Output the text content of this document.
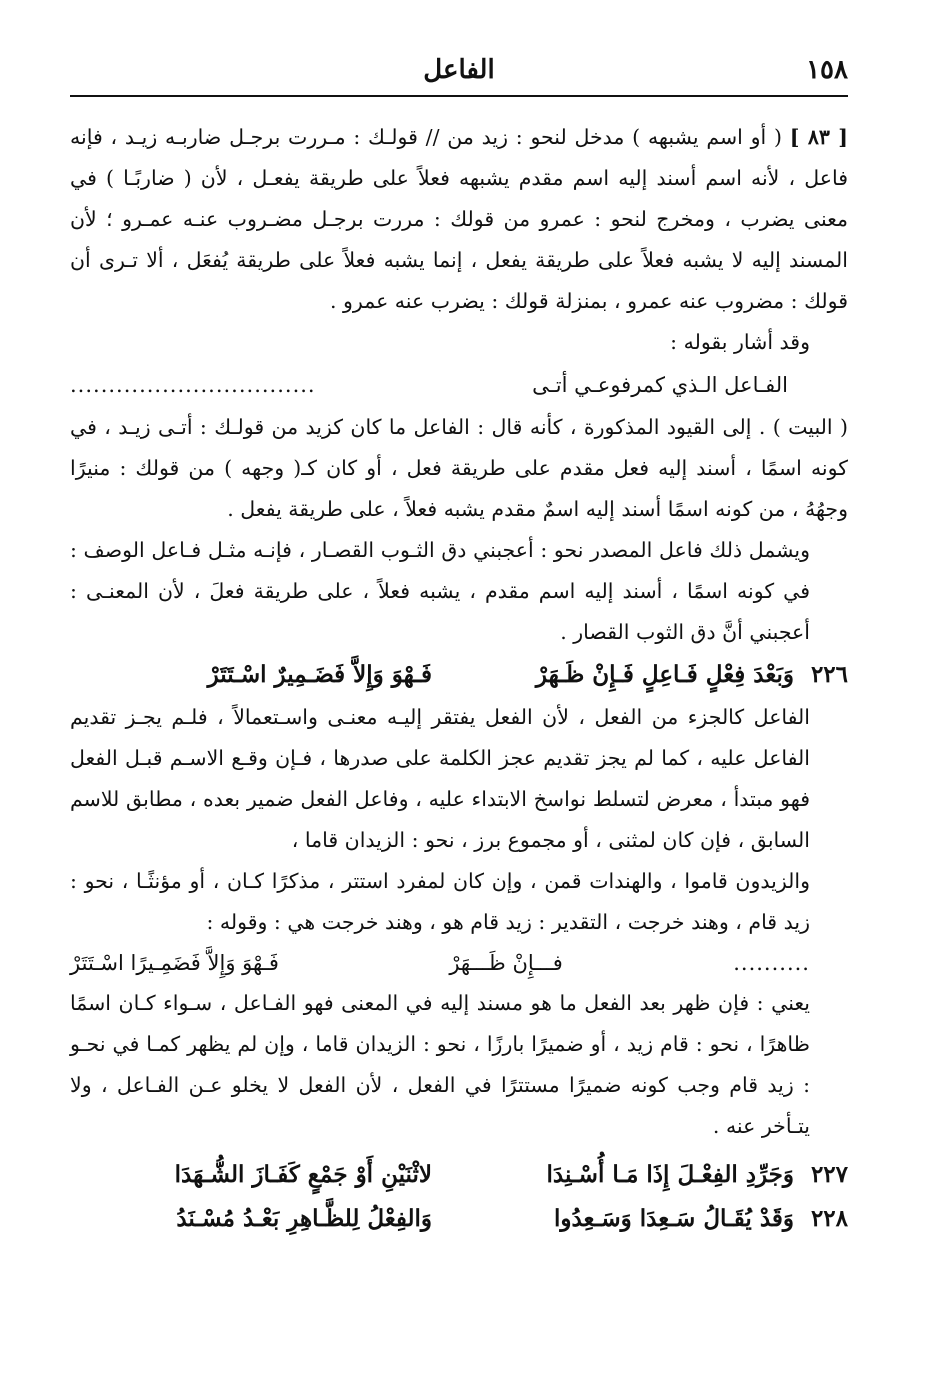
١٥٨
الفاعل

[ ٨٣ ] ( أو اسم يشبهه ) مدخل لنحو : زيد من // قولـك : مـررت برجـل ضاربـه زيـد ، فإنه فاعل ، لأنه اسم أسند إليه اسم مقدم يشبهه فعلاً على طريقة يفعـل ، لأن ( ضاربًـا ) في معنى يضرب ، ومخرج لنحو : عمرو من قولك : مررت برجـل مضـروب عنـه عمـرو ؛ لأن المسند إليه لا يشبه فعلاً على طريقة يفعل ، إنما يشبه فعلاً على طريقة يُفعَل ، ألا تـرى أن قولك : مضروب عنه عمرو ، بمنزلة قولك : يضرب عنه عمرو .

وقد أشار بقوله :

الفـاعل الـذي كمرفوعـي أتـى
................................

( البيت ) . إلى القيود المذكورة ، كأنه قال : الفاعل ما كان كزيد من قولـك : أتـى زيـد ، في كونه اسمًا ، أسند إليه فعل مقدم على طريقة فعل ، أو كان كـ( وجهه ) من قولك : منيرًا وجهُهُ ، من كونه اسمًا أسند إليه اسمٌ مقدم يشبه فعلاً ، على طريقة يفعل .

ويشمل ذلك فاعل المصدر نحو : أعجبني دق الثـوب القصـار ، فإنـه مثـل فـاعل الوصف : في كونه اسمًا ، أسند إليه اسم مقدم ، يشبه فعلاً ، على طريقة فعلَ ، لأن المعنـى : أعجبني أنَّ دق الثوب القصار .

٢٢٦
وَبَعْدَ فِعْلٍ فَـاعِلٍ فَـإِنْ ظَـهَرْ
فَـهْوَ وَإِلاَّ فَضَـمِيرٌ اسْـتَتَرْ

الفاعل كالجزء من الفعل ، لأن الفعل يفتقر إليـه معنـى واسـتعمالاً ، فلـم يجـز تقديم الفاعل عليه ، كما لم يجز تقديم عجز الكلمة على صدرها ، فـإن وقـع الاسـم قبـل الفعل فهو مبتدأ ، معرض لتسلط نواسخ الابتداء عليه ، وفاعل الفعل ضمير بعده ، مطابق للاسم السابق ، فإن كان لمثنى ، أو مجموع برز ، نحو : الزيدان قاما ،

والزيدون قاموا ، والهندات قمن ، وإن كان لمفرد استتر ، مذكرًا كـان ، أو مؤنثًـا ، نحو : زيد قام ، وهند خرجت ، التقدير : زيد قام هو ، وهند خرجت هي : وقوله :

..........
فـــإِنْ ظَـــهَرْ
فَـهْوَ وَإِلاَّ فَضَمِـيرًا اسْـتَتَرْ

يعني : فإن ظهر بعد الفعل ما هو مسند إليه في المعنى فهو الفـاعل ، سـواء كـان اسمًا ظاهرًا ، نحو : قام زيد ، أو ضميرًا بارزًا ، نحو : الزيدان قاما ، وإن لم يظهر كمـا في نحـو : زيد قام وجب كونه ضميرًا مستترًا في الفعل ، لأن الفعل لا يخلو عـن الفـاعل ، ولا يتـأخر عنه .

٢٢٧
وَجَرِّدِ الفِعْـلَ إِذَا مَـا أُسْـنِدَا
لاثْنَيْنِ أَوْ جَمْعٍ كَفَـازَ الشُّـهَدَا
٢٢٨
وَقَدْ يُقَـالُ سَـعِدَا وَسَـعِدُوا
وَالفِعْلُ لِلظَّـاهِرِ بَعْـدُ مُسْـنَدُ
